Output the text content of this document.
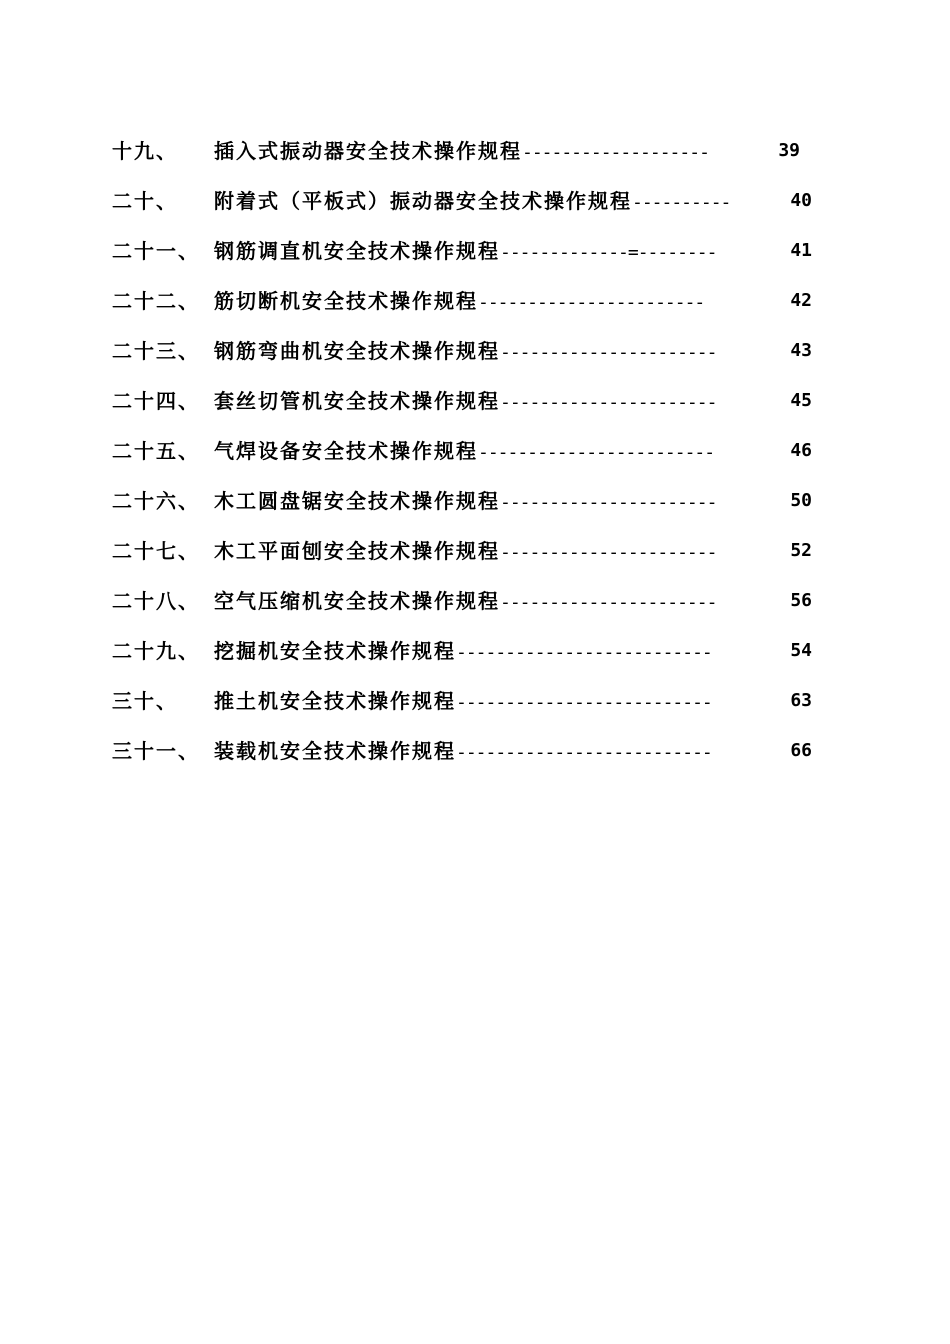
十九、 插入式振动器安全技术操作规程-------------------	39
二十、 附着式（平板式）振动器安全技术操作规程----------	40
二十一、 钢筋调直机安全技术操作规程-------------=--------	41
二十二、 筋切断机安全技术操作规程-----------------------	42
二十三、 钢筋弯曲机安全技术操作规程----------------------	43
二十四、 套丝切管机安全技术操作规程----------------------	45
二十五、 气焊设备安全技术操作规程------------------------	46
二十六、 木工圆盘锯安全技术操作规程----------------------	50
二十七、 木工平面刨安全技术操作规程----------------------	52
二十八、 空气压缩机安全技术操作规程----------------------	56
二十九、 挖掘机安全技术操作规程--------------------------	54
三十、 推土机安全技术操作规程--------------------------	63
三十一、 装载机安全技术操作规程--------------------------	66
